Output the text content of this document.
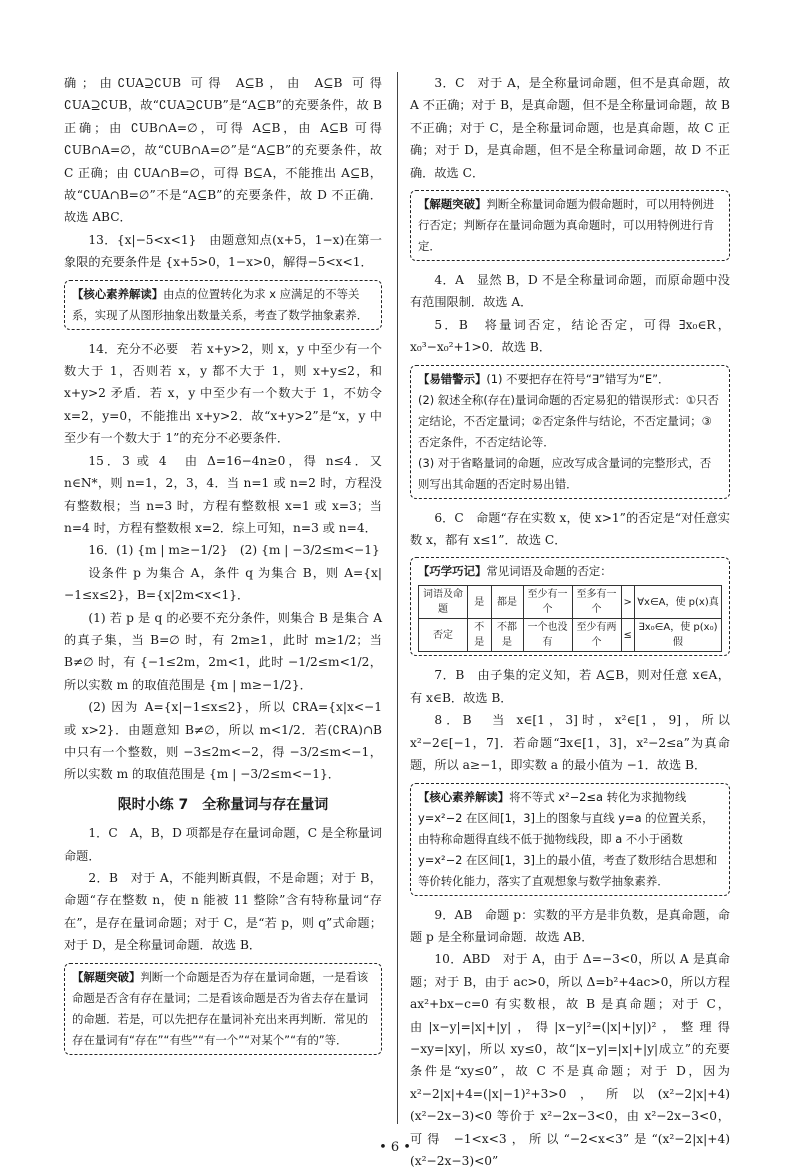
确；由∁UA⊇∁UB 可得 A⊆B，由 A⊆B 可得 ∁UA⊇∁UB，故“∁UA⊇∁UB”是“A⊆B”的充要条件，故 B 正确；由 ∁UB∩A=∅，可得 A⊆B，由 A⊆B 可得 ∁UB∩A=∅，故“∁UB∩A=∅”是“A⊆B”的充要条件，故 C 正确；由 ∁UA∩B=∅，可得 B⊆A，不能推出 A⊆B，故“∁UA∩B=∅”不是“A⊆B”的充要条件，故 D 不正确．故选 ABC．

13．{x|−5<x<1}　由题意知点(x+5，1−x)在第一象限的充要条件是 {x+5>0，1−x>0，解得−5<x<1．

【核心素养解读】由点的位置转化为求 x 应满足的不等关系，实现了从图形抽象出数量关系，考查了数学抽象素养．

14．充分不必要　若 x+y>2，则 x，y 中至少有一个数大于 1，否则若 x，y 都不大于 1，则 x+y≤2，和 x+y>2 矛盾．若 x，y 中至少有一个数大于 1，不妨令 x=2，y=0，不能推出 x+y>2．故“x+y>2”是“x，y 中至少有一个数大于 1”的充分不必要条件．

15．3 或 4　由 Δ=16−4n≥0，得 n≤4．又 n∈N*，则 n=1，2，3，4．当 n=1 或 n=2 时，方程没有整数根；当 n=3 时，方程有整数根 x=1 或 x=3；当 n=4 时，方程有整数根 x=2．综上可知，n=3 或 n=4．

16．(1) {m | m≥−1/2}　(2) {m | −3/2≤m<−1}

设条件 p 为集合 A，条件 q 为集合 B，则 A={x|−1≤x≤2}，B={x|2m<x<1}．

(1) 若 p 是 q 的必要不充分条件，则集合 B 是集合 A 的真子集，当 B=∅ 时，有 2m≥1，此时 m≥1/2；当 B≠∅ 时，有 {−1≤2m，2m<1，此时 −1/2≤m<1/2，所以实数 m 的取值范围是 {m | m≥−1/2}．

(2) 因为 A={x|−1≤x≤2}，所以 ∁RA={x|x<−1 或 x>2}．由题意知 B≠∅，所以 m<1/2．若(∁RA)∩B 中只有一个整数，则 −3≤2m<−2，得 −3/2≤m<−1，所以实数 m 的取值范围是 {m | −3/2≤m<−1}．

限时小练 7　全称量词与存在量词

1．C　A，B，D 项都是存在量词命题，C 是全称量词命题．

2．B　对于 A，不能判断真假，不是命题；对于 B，命题“存在整数 n，使 n 能被 11 整除”含有特称量词“存在”，是存在量词命题；对于 C，是“若 p，则 q”式命题；对于 D，是全称量词命题．故选 B．

【解题突破】判断一个命题是否为存在量词命题，一是看该命题是否含有存在量词；二是看该命题是否为省去存在量词的命题．若是，可以先把存在量词补充出来再判断．常见的存在量词有“存在”“有些”“有一个”“对某个”“有的”等．

3．C　对于 A，是全称量词命题，但不是真命题，故 A 不正确；对于 B，是真命题，但不是全称量词命题，故 B 不正确；对于 C，是全称量词命题，也是真命题，故 C 正确；对于 D，是真命题，但不是全称量词命题，故 D 不正确．故选 C．

【解题突破】判断全称量词命题为假命题时，可以用特例进行否定；判断存在量词命题为真命题时，可以用特例进行肯定．

4．A　显然 B，D 不是全称量词命题，而原命题中没有范围限制．故选 A．

5．B　将量词否定，结论否定，可得 ∃x₀∈R，x₀³−x₀²+1>0．故选 B．

【易错警示】(1) 不要把存在符号“∃”错写为“E”．
(2) 叙述全称(存在)量词命题的否定易犯的错误形式：①只否定结论，不否定量词；②否定条件与结论，不否定量词；③否定条件，不否定结论等．
(3) 对于省略量词的命题，应改写成含量词的完整形式，否则写出其命题的否定时易出错．

6．C　命题“存在实数 x，使 x>1”的否定是“对任意实数 x，都有 x≤1”．故选 C．

【巧学巧记】常见词语及命题的否定：
词语及命题	是	都是	至少有一个	至多有一个	>	∀x∈A，使 p(x)真
否定	不是	不都是	一个也没有	至少有两个	≤	∃x₀∈A，使 p(x₀)假

7．B　由子集的定义知，若 A⊆B，则对任意 x∈A，有 x∈B．故选 B．

8．B　当 x∈[1，3]时，x²∈[1，9]，所以 x²−2∈[−1，7]．若命题“∃x∈[1，3]，x²−2≤a”为真命题，所以 a≥−1，即实数 a 的最小值为 −1．故选 B．

【核心素养解读】将不等式 x²−2≤a 转化为求抛物线 y=x²−2 在区间[1，3]上的图象与直线 y=a 的位置关系，由特称命题得直线不低于抛物线段，即 a 不小于函数 y=x²−2 在区间[1，3]上的最小值，考查了数形结合思想和等价转化能力，落实了直观想象与数学抽象素养．

9．AB　命题 p：实数的平方是非负数，是真命题，命题 p 是全称量词命题．故选 AB．

10．ABD　对于 A，由于 Δ=−3<0，所以 A 是真命题；对于 B，由于 ac>0，所以 Δ=b²+4ac>0，所以方程 ax²+bx−c=0 有实数根，故 B 是真命题；对于 C，由|x−y|=|x|+|y|，得|x−y|²=(|x|+|y|)²，整理得 −xy=|xy|，所以 xy≤0，故“|x−y|=|x|+|y|成立”的充要条件是“xy≤0”，故 C 不是真命题；对于 D，因为 x²−2|x|+4=(|x|−1)²+3>0，所以(x²−2|x|+4)(x²−2x−3)<0 等价于 x²−2x−3<0，由 x²−2x−3<0，可得 −1<x<3，所以“−2<x<3”是“(x²−2|x|+4)(x²−2x−3)<0”

• 6 •
